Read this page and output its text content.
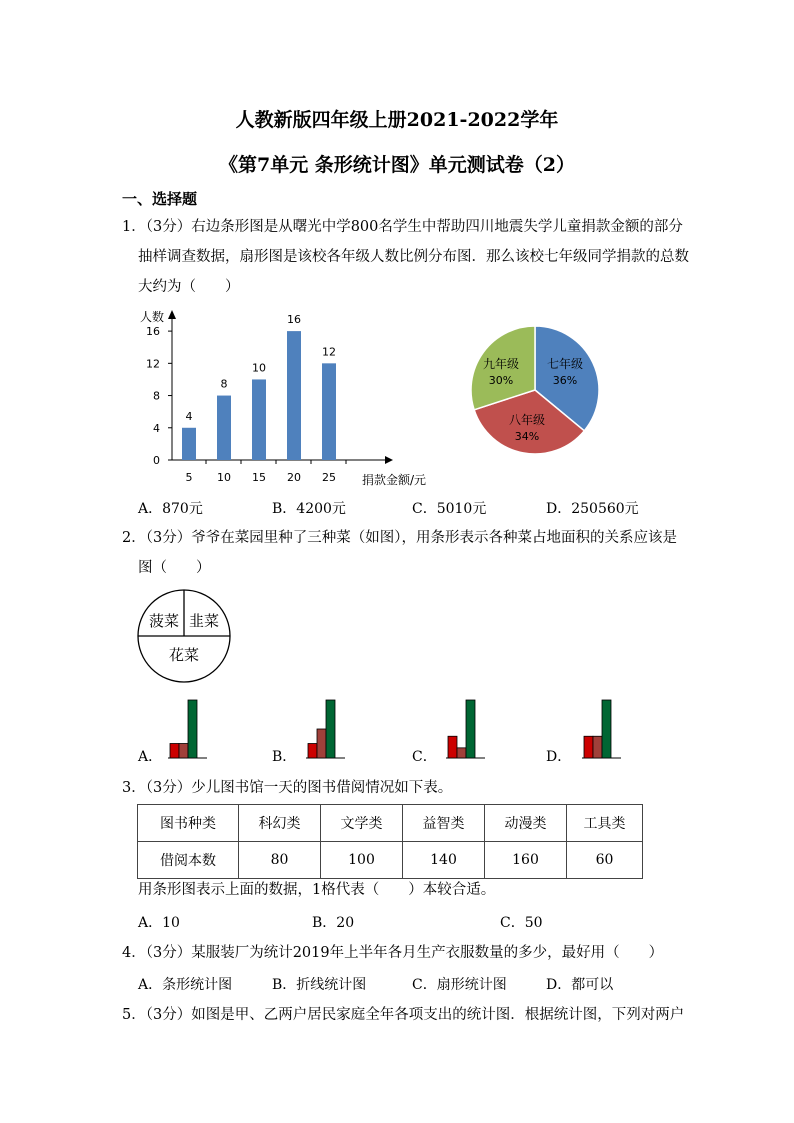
人教新版四年级上册2021-2022学年
《第7单元 条形统计图》单元测试卷（2）
一、选择题
1．（3分）右边条形图是从曙光中学800名学生中帮助四川地震失学儿童捐款金额的部分
抽样调查数据，扇形图是该校各年级人数比例分布图．那么该校七年级同学捐款的总数
大约为（　　）
人数
捐款金额/元
0
4
8
12
16
4
5
8
10
10
15
16
20
12
25
七年级
36%
八年级
34%
九年级
30%
A．870元	B．4200元	C．5010元	D．250560元
2．（3分）爷爷在菜园里种了三种菜（如图），用条形表示各种菜占地面积的关系应该是
图（　　）
菠菜 韭菜
花菜
A．	B．	C．	D．
3．（3分）少儿图书馆一天的图书借阅情况如下表。
图书种类	科幻类	文学类	益智类	动漫类	工具类
借阅本数	80	100	140	160	60
用条形图表示上面的数据，1格代表（　　）本较合适。
A．10	B．20	C．50
4．（3分）某服装厂为统计2019年上半年各月生产衣服数量的多少，最好用（　　）
A．条形统计图	B．折线统计图	C．扇形统计图	D．都可以
5．（3分）如图是甲、乙两户居民家庭全年各项支出的统计图．根据统计图，下列对两户
